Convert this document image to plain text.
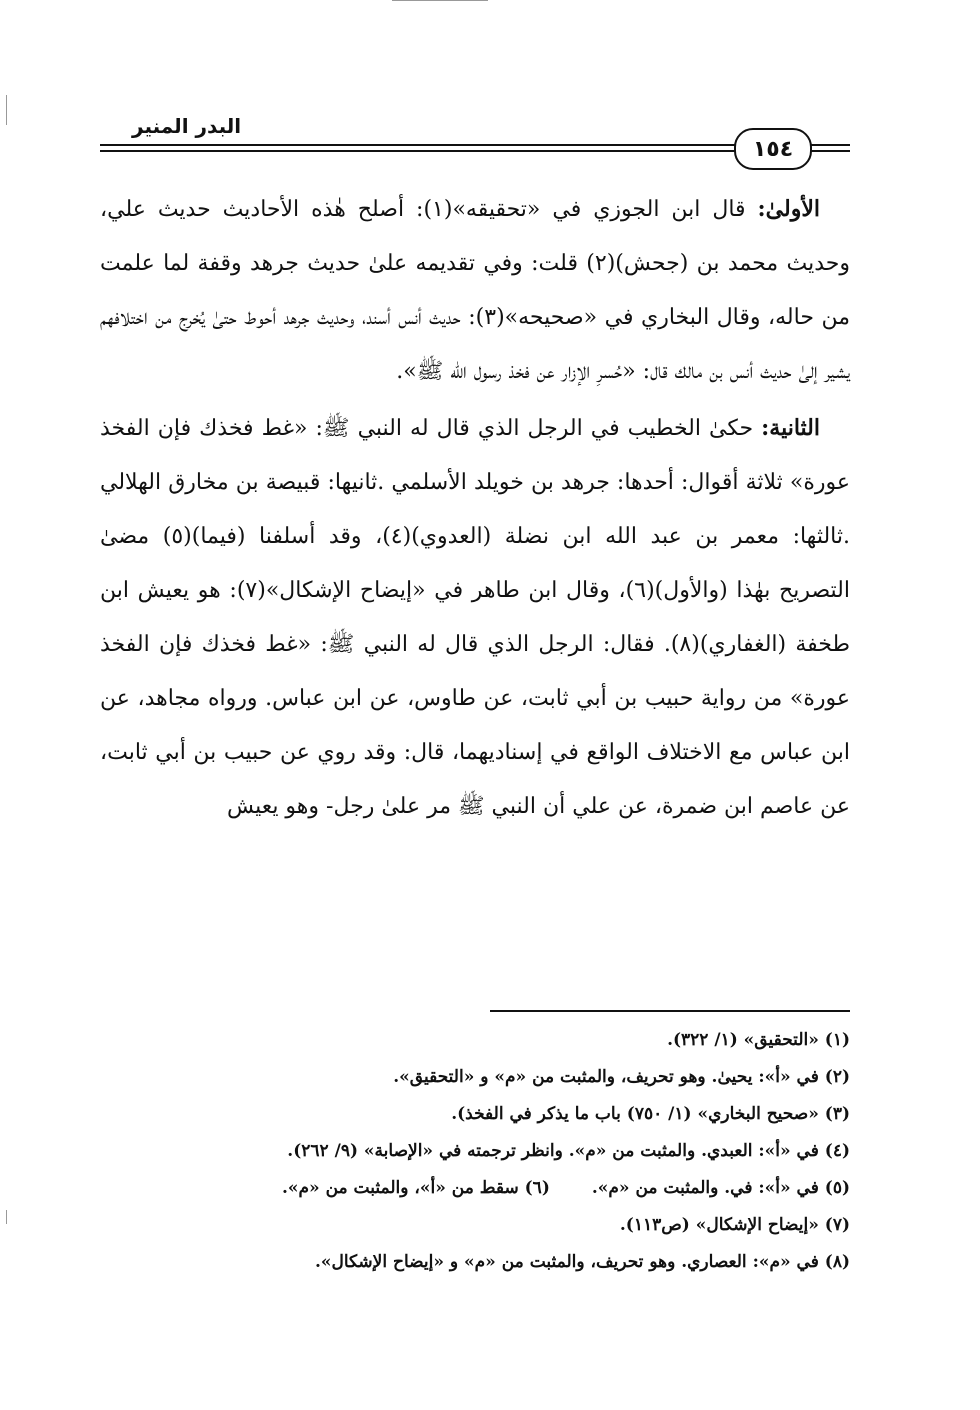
البدر المنير
١٥٤

الأولىٰ: قال ابن الجوزي في «تحقيقه»(١): أصلح هٰذه الأحاديث حديث علي، وحديث محمد بن (جحش)(٢) قلت: وفي تقديمه علىٰ حديث جرهد وقفة لما علمت من حاله، وقال البخاري في «صحيحه»(٣): حديث أنس أسند، وحديث جرهد أحوط حتىٰ يُخرج من اختلافهم يشير إلىٰ حديث أنس بن مالك قال: «حُسرِ الإزار عن فخذ رسول الله ﷺ».

الثانية: حكىٰ الخطيب في الرجل الذي قال له النبي ﷺ: «غط فخذك فإن الفخذ عورة» ثلاثة أقوال: أحدها: جرهد بن خويلد الأسلمي .ثانيها: قبيصة بن مخارق الهلالي .ثالثها: معمر بن عبد الله ابن نضلة (العدوي)(٤)، وقد أسلفنا (فيما)(٥) مضىٰ التصريح بهٰذا (والأول)(٦)، وقال ابن طاهر في «إيضاح الإشكال»(٧): هو يعيش ابن طخفة (الغفاري)(٨). فقال: الرجل الذي قال له النبي ﷺ: «غط فخذك فإن الفخذ عورة» من رواية حبيب بن أبي ثابت، عن طاوس، عن ابن عباس. ورواه مجاهد، عن ابن عباس مع الاختلاف الواقع في إسناديهما، قال: وقد روي عن حبيب بن أبي ثابت، عن عاصم ابن ضمرة، عن علي أن النبي ﷺ مر علىٰ رجل- وهو يعيش

(١) «التحقيق» (١/ ٣٢٢).
(٢) في «أ»: يحيىٰ. وهو تحريف، والمثبت من «م» و «التحقيق».
(٣) «صحيح البخاري» (١/ ٧٥٠) باب ما يذكر في الفخذ).
(٤) في «أ»: العبدي. والمثبت من «م». وانظر ترجمته في «الإصابة» (٩/ ٢٦٢).
(٥) في «أ»: في. والمثبت من «م».(٦) سقط من «أ»، والمثبت من «م».
(٧) «إيضاح الإشكال» (ص١١٣).
(٨) في «م»: العصاري. وهو تحريف، والمثبت من «م» و «إيضاح الإشكال».
